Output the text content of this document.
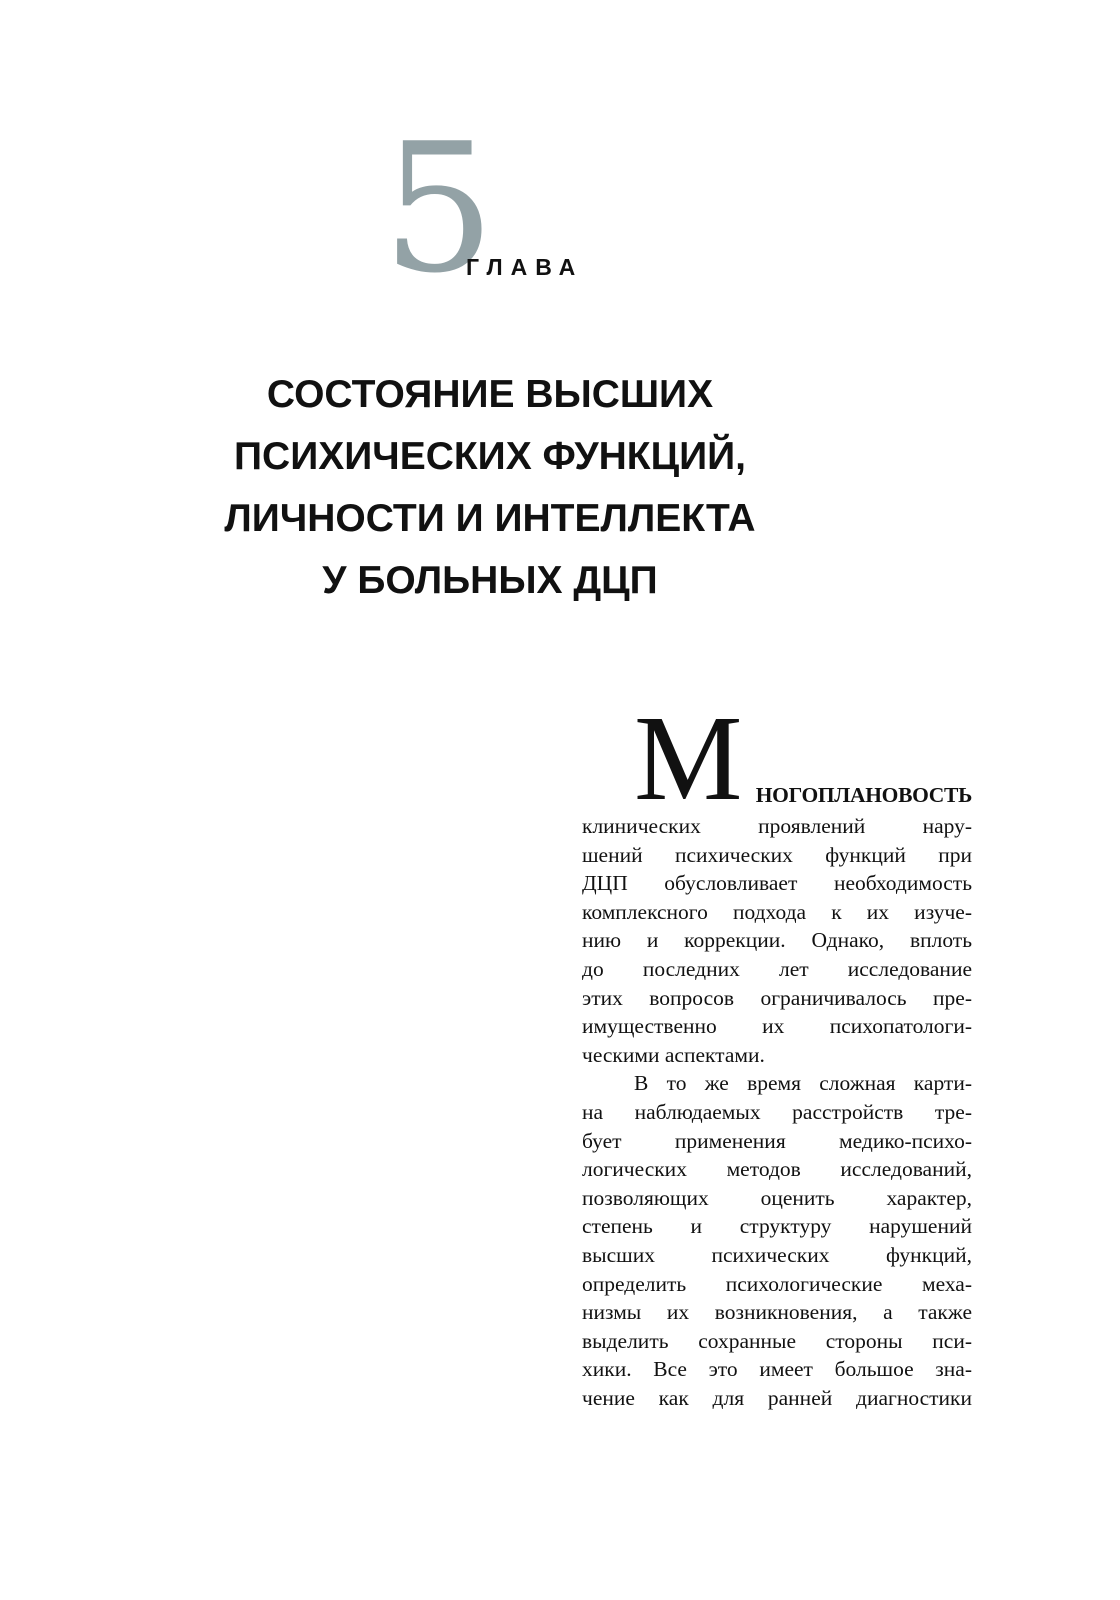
5
ГЛАВА
СОСТОЯНИЕ ВЫСШИХ
ПСИХИЧЕСКИХ ФУНКЦИЙ,
ЛИЧНОСТИ И ИНТЕЛЛЕКТА
У БОЛЬНЫХ ДЦП
М НОГОПЛАНОВОСТЬ
клинических проявлений нару-
шений психических функций при
ДЦП обусловливает необходимость
комплексного подхода к их изуче-
нию и коррекции. Однако, вплоть
до последних лет исследование
этих вопросов ограничивалось пре-
имущественно их психопатологи-
ческими аспектами.
В то же время сложная карти-
на наблюдаемых расстройств тре-
бует применения медико-психо-
логических методов исследований,
позволяющих оценить характер,
степень и структуру нарушений
высших психических функций,
определить психологические меха-
низмы их возникновения, а также
выделить сохранные стороны пси-
хики. Все это имеет большое зна-
чение как для ранней диагностики
